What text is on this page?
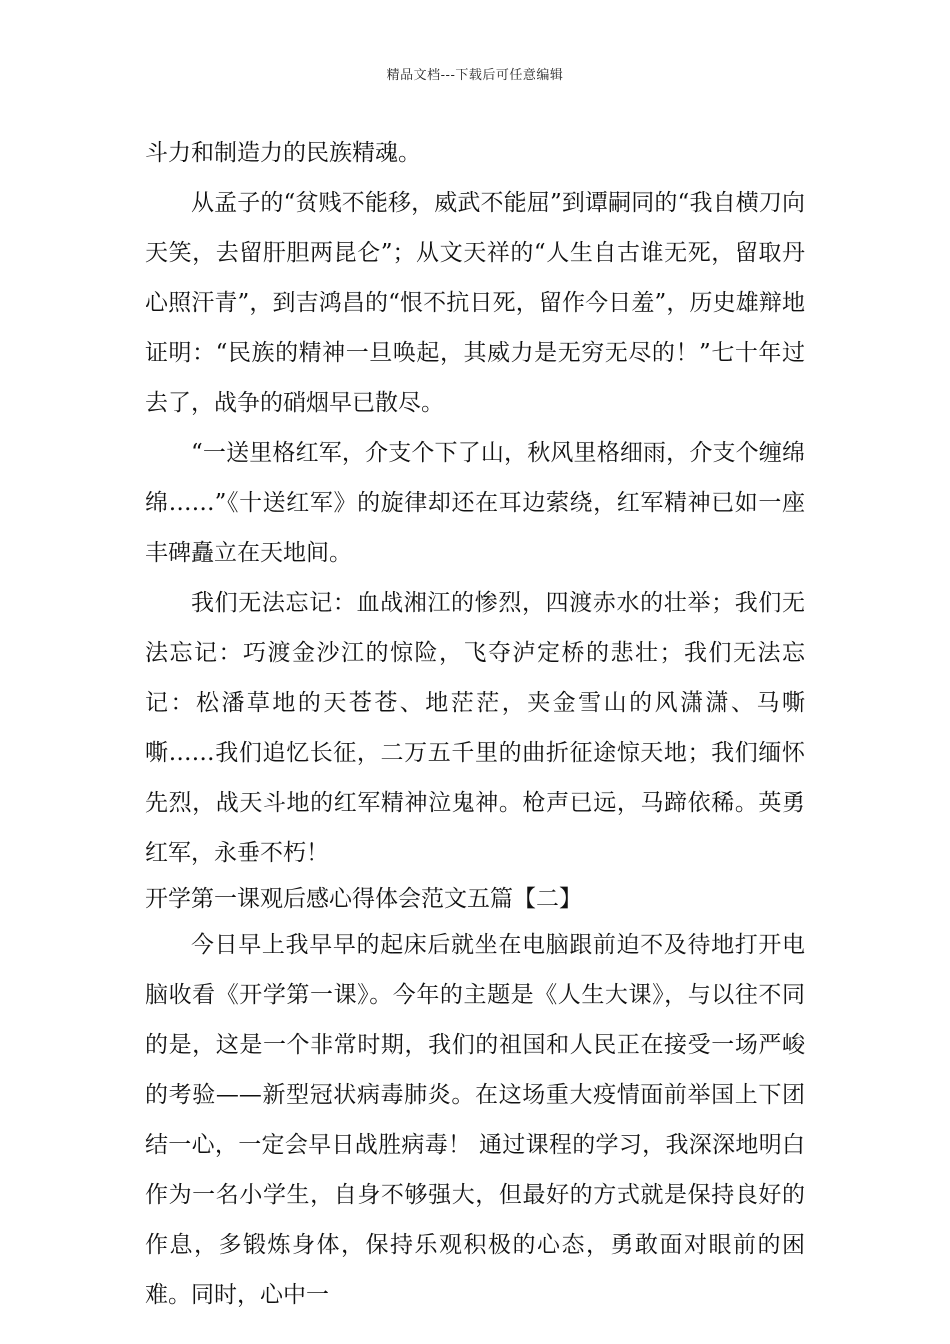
精品文档---下载后可任意编辑

斗力和制造力的民族精魂。

从孟子的“贫贱不能移，威武不能屈”到谭嗣同的“我自横刀向天笑，去留肝胆两昆仑”；从文天祥的“人生自古谁无死，留取丹心照汗青”，到吉鸿昌的“恨不抗日死，留作今日羞”，历史雄辩地证明：“民族的精神一旦唤起，其威力是无穷无尽的！”七十年过去了，战争的硝烟早已散尽。

“一送里格红军，介支个下了山，秋风里格细雨，介支个缠绵绵……”《十送红军》的旋律却还在耳边萦绕，红军精神已如一座丰碑矗立在天地间。

我们无法忘记：血战湘江的惨烈，四渡赤水的壮举；我们无法忘记：巧渡金沙江的惊险，飞夺泸定桥的悲壮；我们无法忘记：松潘草地的天苍苍、地茫茫，夹金雪山的风潇潇、马嘶嘶……我们追忆长征，二万五千里的曲折征途惊天地；我们缅怀先烈，战天斗地的红军精神泣鬼神。枪声已远，马蹄依稀。英勇红军，永垂不朽！

开学第一课观后感心得体会范文五篇【二】

今日早上我早早的起床后就坐在电脑跟前迫不及待地打开电脑收看《开学第一课》。今年的主题是《人生大课》，与以往不同的是，这是一个非常时期，我们的祖国和人民正在接受一场严峻的考验——新型冠状病毒肺炎。在这场重大疫情面前举国上下团结一心，一定会早日战胜病毒！ 通过课程的学习，我深深地明白作为一名小学生，自身不够强大，但最好的方式就是保持良好的作息，多锻炼身体，保持乐观积极的心态，勇敢面对眼前的困难。同时，心中一
